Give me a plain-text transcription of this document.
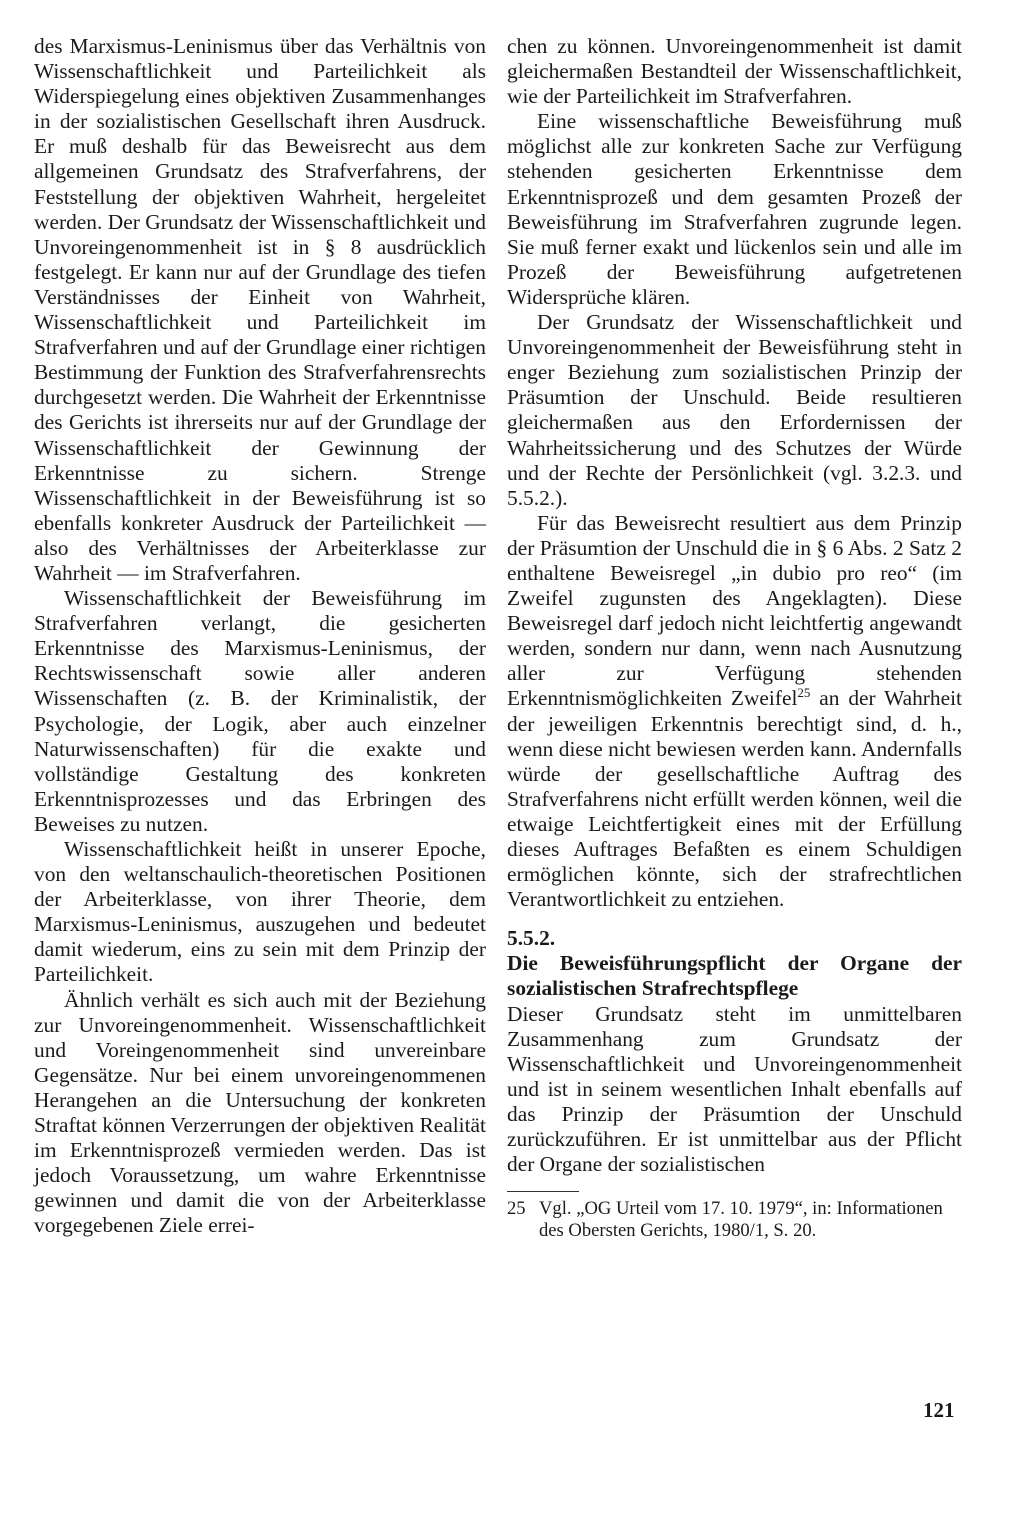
des Marxismus-Leninismus über das Verhältnis von Wissenschaftlichkeit und Parteilichkeit als Widerspiegelung eines objektiven Zusammenhanges in der sozialistischen Gesellschaft ihren Ausdruck. Er muß deshalb für das Beweisrecht aus dem allgemeinen Grundsatz des Strafverfahrens, der Feststellung der objektiven Wahrheit, hergeleitet werden. Der Grundsatz der Wissenschaftlichkeit und Unvoreingenommenheit ist in § 8 ausdrücklich festgelegt. Er kann nur auf der Grundlage des tiefen Verständnisses der Einheit von Wahrheit, Wissenschaftlichkeit und Parteilichkeit im Strafverfahren und auf der Grundlage einer richtigen Bestimmung der Funktion des Strafverfahrensrechts durchgesetzt werden. Die Wahrheit der Erkenntnisse des Gerichts ist ihrerseits nur auf der Grundlage der Wissenschaftlichkeit der Gewinnung der Erkenntnisse zu sichern. Strenge Wissenschaftlichkeit in der Beweisführung ist so ebenfalls konkreter Ausdruck der Parteilichkeit — also des Verhältnisses der Arbeiterklasse zur Wahrheit — im Strafverfahren.

Wissenschaftlichkeit der Beweisführung im Strafverfahren verlangt, die gesicherten Erkenntnisse des Marxismus-Leninismus, der Rechtswissenschaft sowie aller anderen Wissenschaften (z. B. der Kriminalistik, der Psychologie, der Logik, aber auch einzelner Naturwissenschaften) für die exakte und vollständige Gestaltung des konkreten Erkenntnisprozesses und das Erbringen des Beweises zu nutzen.

Wissenschaftlichkeit heißt in unserer Epoche, von den weltanschaulich-theoretischen Positionen der Arbeiterklasse, von ihrer Theorie, dem Marxismus-Leninismus, auszugehen und bedeutet damit wiederum, eins zu sein mit dem Prinzip der Parteilichkeit.

Ähnlich verhält es sich auch mit der Beziehung zur Unvoreingenommenheit. Wissenschaftlichkeit und Voreingenommenheit sind unvereinbare Gegensätze. Nur bei einem unvoreingenommenen Herangehen an die Untersuchung der konkreten Straftat können Verzerrungen der objektiven Realität im Erkenntnisprozeß vermieden werden. Das ist jedoch Voraussetzung, um wahre Erkenntnisse gewinnen und damit die von der Arbeiterklasse vorgegebenen Ziele errei-

chen zu können. Unvoreingenommenheit ist damit gleichermaßen Bestandteil der Wissenschaftlichkeit, wie der Parteilichkeit im Strafverfahren.

Eine wissenschaftliche Beweisführung muß möglichst alle zur konkreten Sache zur Verfügung stehenden gesicherten Erkenntnisse dem Erkenntnisprozeß und dem gesamten Prozeß der Beweisführung im Strafverfahren zugrunde legen. Sie muß ferner exakt und lückenlos sein und alle im Prozeß der Beweisführung aufgetretenen Widersprüche klären.

Der Grundsatz der Wissenschaftlichkeit und Unvoreingenommenheit der Beweisführung steht in enger Beziehung zum sozialistischen Prinzip der Präsumtion der Unschuld. Beide resultieren gleichermaßen aus den Erfordernissen der Wahrheitssicherung und des Schutzes der Würde und der Rechte der Persönlichkeit (vgl. 3.2.3. und 5.5.2.).

Für das Beweisrecht resultiert aus dem Prinzip der Präsumtion der Unschuld die in § 6 Abs. 2 Satz 2 enthaltene Beweisregel „in dubio pro reo“ (im Zweifel zugunsten des Angeklagten). Diese Beweisregel darf jedoch nicht leichtfertig angewandt werden, sondern nur dann, wenn nach Ausnutzung aller zur Verfügung stehenden Erkenntnismöglichkeiten Zweifel$^{25}$ an der Wahrheit der jeweiligen Erkenntnis berechtigt sind, d. h., wenn diese nicht bewiesen werden kann. Andernfalls würde der gesellschaftliche Auftrag des Strafverfahrens nicht erfüllt werden können, weil die etwaige Leichtfertigkeit eines mit der Erfüllung dieses Auftrages Befaßten es einem Schuldigen ermöglichen könnte, sich der strafrechtlichen Verantwortlichkeit zu entziehen.

5.5.2.
Die Beweisführungspflicht der Organe der sozialistischen Strafrechtspflege

Dieser Grundsatz steht im unmittelbaren Zusammenhang zum Grundsatz der Wissenschaftlichkeit und Unvoreingenommenheit und ist in seinem wesentlichen Inhalt ebenfalls auf das Prinzip der Präsumtion der Unschuld zurückzuführen. Er ist unmittelbar aus der Pflicht der Organe der sozialistischen

25 Vgl. „OG Urteil vom 17. 10. 1979“, in: Informationen des Obersten Gerichts, 1980/1, S. 20.
121
